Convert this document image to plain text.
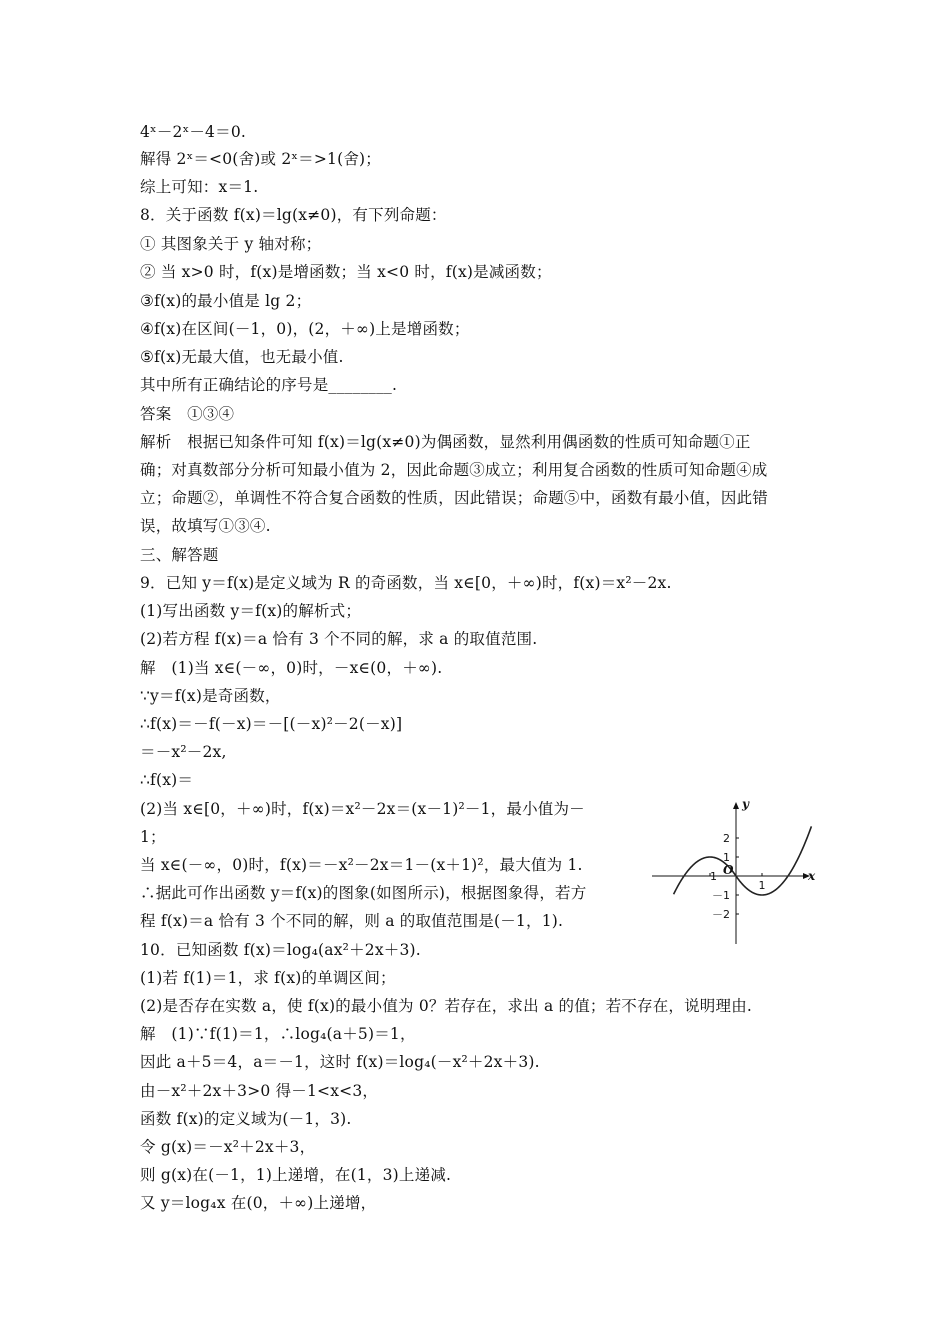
4ˣ－2ˣ－4＝0.
解得 2ˣ＝<0(舍)或 2ˣ＝>1(舍)；
综上可知：x＝1.
8．关于函数 f(x)＝lg(x≠0)，有下列命题：
① 其图象关于 y 轴对称；
② 当 x>0 时，f(x)是增函数；当 x<0 时，f(x)是减函数；
③f(x)的最小值是 lg 2；
④f(x)在区间(－1，0)，(2，＋∞)上是增函数；
⑤f(x)无最大值，也无最小值.
其中所有正确结论的序号是________.
答案　①③④
解析　根据已知条件可知 f(x)＝lg(x≠0)为偶函数，显然利用偶函数的性质可知命题①正
确；对真数部分分析可知最小值为 2，因此命题③成立；利用复合函数的性质可知命题④成
立；命题②，单调性不符合复合函数的性质，因此错误；命题⑤中，函数有最小值，因此错
误，故填写①③④.
三、解答题
9．已知 y＝f(x)是定义域为 R 的奇函数，当 x∈[0，＋∞)时，f(x)＝x²－2x.
(1)写出函数 y＝f(x)的解析式；
(2)若方程 f(x)＝a 恰有 3 个不同的解，求 a 的取值范围.
解　(1)当 x∈(－∞，0)时，－x∈(0，＋∞).
∵y＝f(x)是奇函数，
∴f(x)＝－f(－x)＝－[(－x)²－2(－x)]
＝－x²－2x,
∴f(x)＝
(2)当 x∈[0，＋∞)时，f(x)＝x²－2x＝(x－1)²－1，最小值为－
1；
当 x∈(－∞，0)时，f(x)＝－x²－2x＝1－(x＋1)²，最大值为 1.
∴据此可作出函数 y＝f(x)的图象(如图所示)，根据图象得，若方
程 f(x)＝a 恰有 3 个不同的解，则 a 的取值范围是(－1，1).
10．已知函数 f(x)＝log₄(ax²＋2x＋3).
(1)若 f(1)＝1，求 f(x)的单调区间；
(2)是否存在实数 a，使 f(x)的最小值为 0？若存在，求出 a 的值；若不存在，说明理由.
解　(1)∵f(1)＝1，∴log₄(a＋5)＝1，
因此 a＋5＝4，a＝－1，这时 f(x)＝log₄(－x²＋2x＋3).
由－x²＋2x＋3>0 得－1<x<3，
函数 f(x)的定义域为(－1，3).
令 g(x)＝－x²＋2x＋3，
则 g(x)在(－1，1)上递增，在(1，3)上递减.
又 y＝log₄x 在(0，＋∞)上递增，
x
y
O
－1
1
2
1
－1
－2
